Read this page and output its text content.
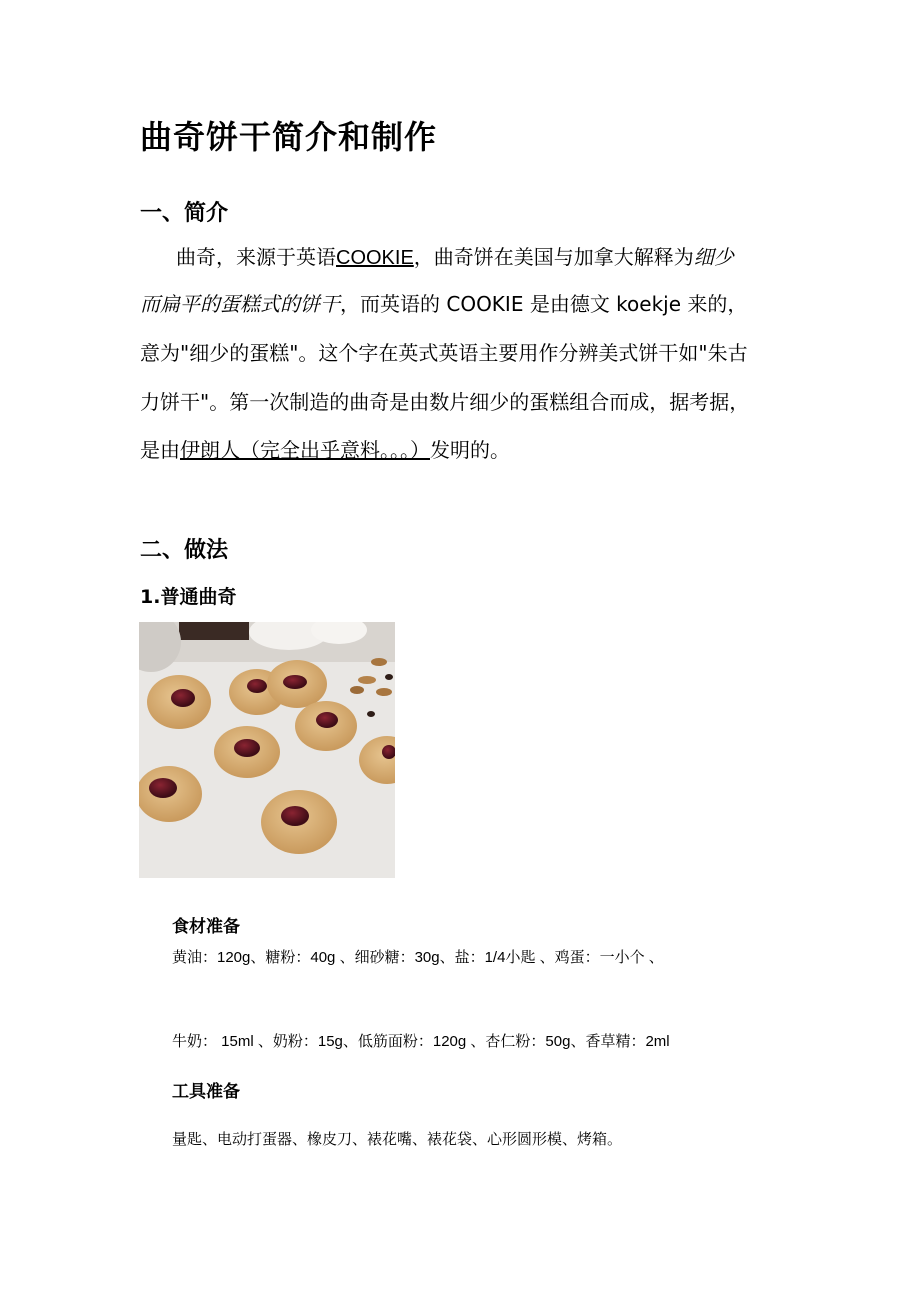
曲奇饼干简介和制作
一、简介
曲奇，来源于英语COOKIE，曲奇饼在美国与加拿大解释为细少
而扁平的蛋糕式的饼干，而英语的 COOKIE 是由德文 koekje 来的，
意为"细少的蛋糕"。这个字在英式英语主要用作分辨美式饼干如"朱古
力饼干"。第一次制造的曲奇是由数片细少的蛋糕组合而成，据考据，
是由伊朗人（完全出乎意料。。。）发明的。
二、做法
1.普通曲奇
食材准备
黄油：120g、糖粉：40g 、细砂糖：30g、盐：1/4小匙 、鸡蛋：一小个 、
牛奶： 15ml 、奶粉：15g、低筋面粉：120g 、杏仁粉：50g、香草精：2ml
工具准备
量匙、电动打蛋器、橡皮刀、裱花嘴、裱花袋、心形圆形模、烤箱。
